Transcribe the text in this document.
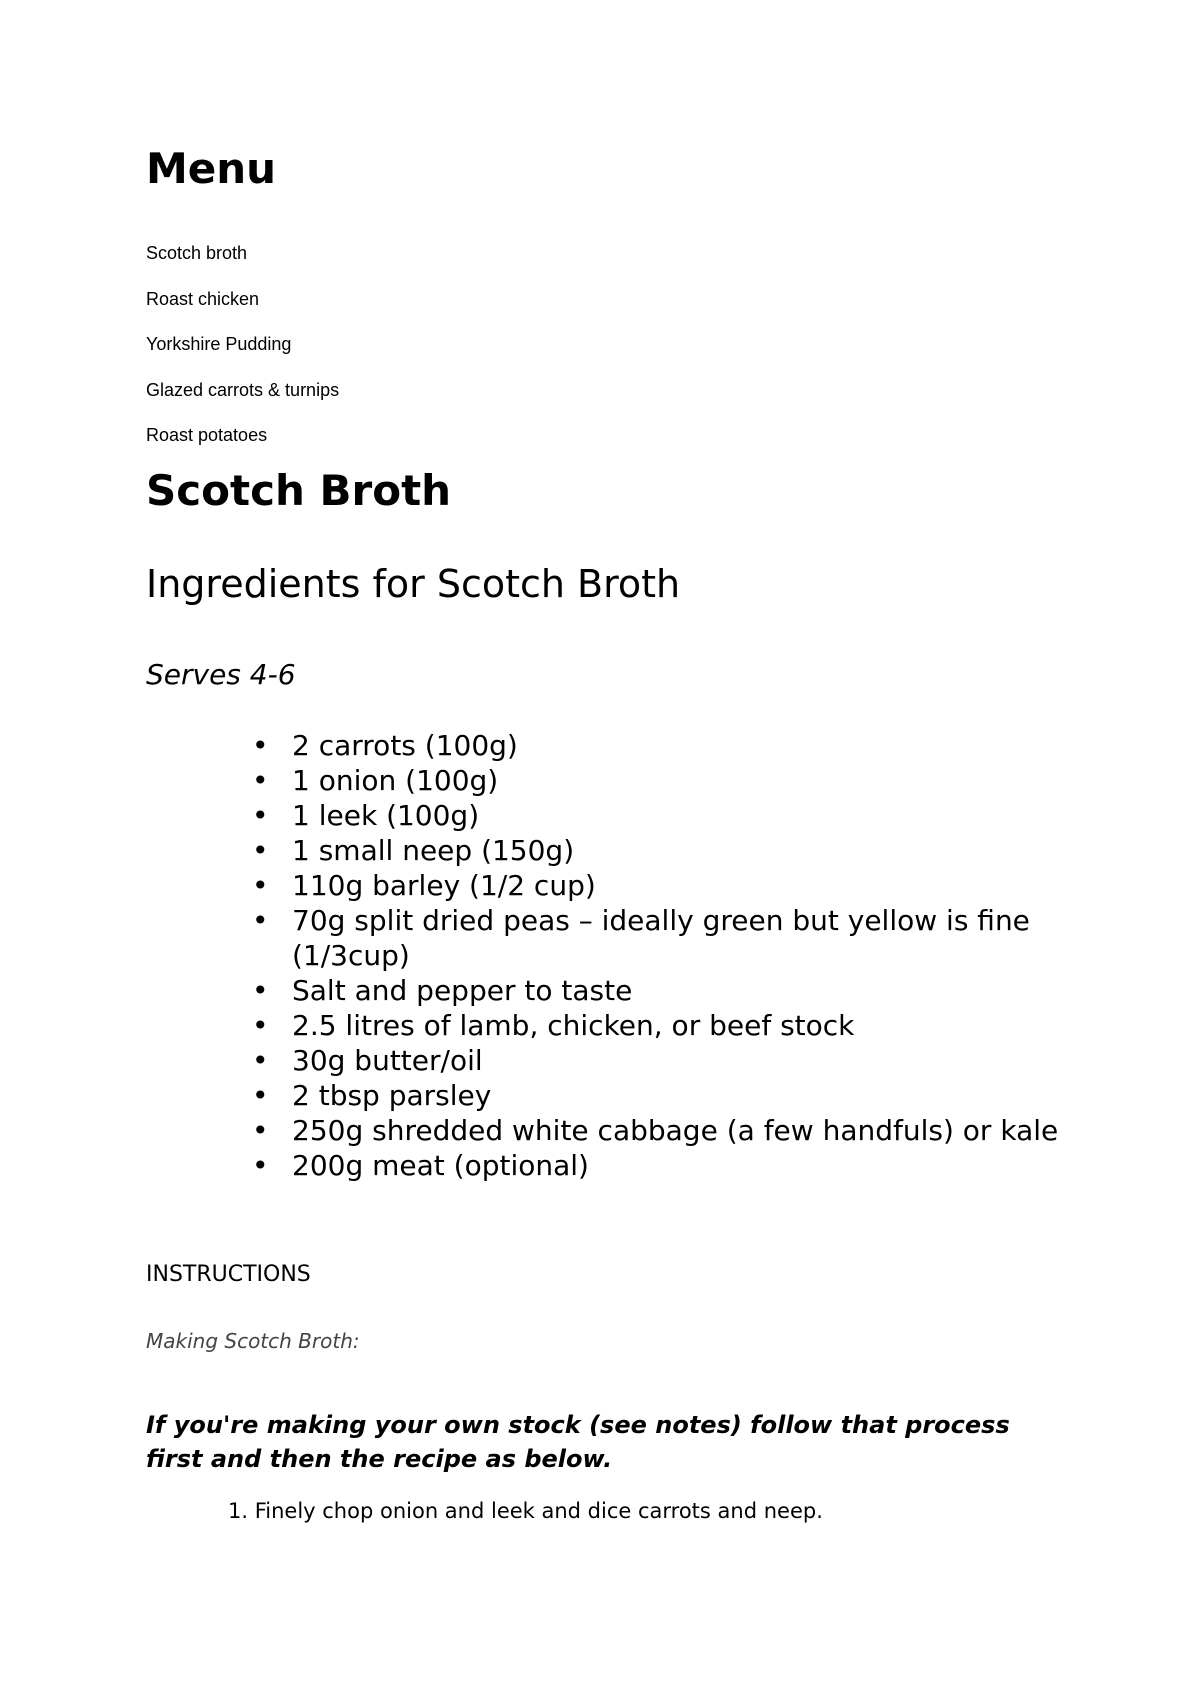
Menu
Scotch broth
Roast chicken
Yorkshire Pudding
Glazed carrots & turnips
Roast potatoes
Scotch Broth
Ingredients for Scotch Broth

Serves 4-6

• 2 carrots (100g)
• 1 onion (100g)
• 1 leek (100g)
• 1 small neep (150g)
• 110g barley (1/2 cup)
• 70g split dried peas – ideally green but yellow is fine (1/3cup)
• Salt and pepper to taste
• 2.5 litres of lamb, chicken, or beef stock
• 30g butter/oil
• 2 tbsp parsley
• 250g shredded white cabbage (a few handfuls) or kale
• 200g meat (optional)

INSTRUCTIONS

Making Scotch Broth:

If you're making your own stock (see notes) follow that process first and then the recipe as below.

1. Finely chop onion and leek and dice carrots and neep.
